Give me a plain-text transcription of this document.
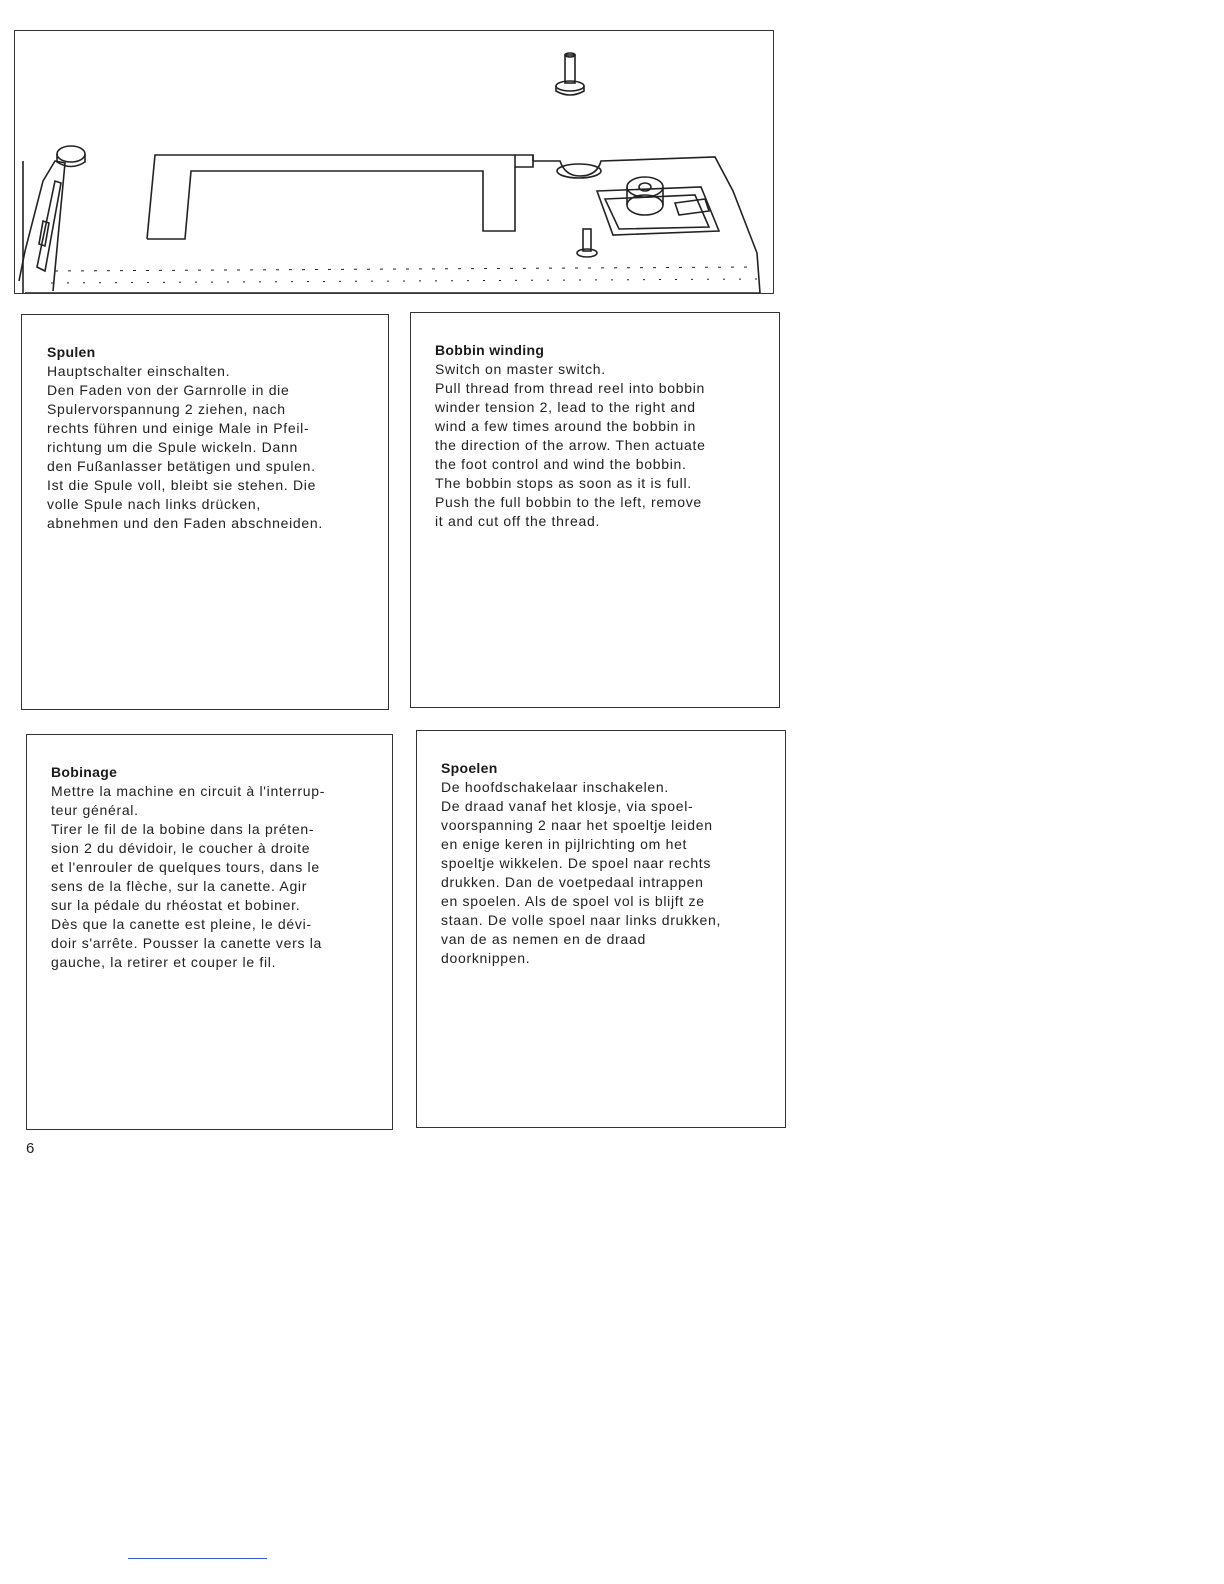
Spulen

Hauptschalter einschalten.
Den Faden von der Garnrolle in die
Spulervorspannung 2 ziehen, nach
rechts führen und einige Male in Pfeil-
richtung um die Spule wickeln. Dann
den Fußanlasser betätigen und spulen.
Ist die Spule voll, bleibt sie stehen. Die
volle Spule nach links drücken,
abnehmen und den Faden abschneiden.

Bobbin winding

Switch on master switch.
Pull thread from thread reel into bobbin
winder tension 2, lead to the right and
wind a few times around the bobbin in
the direction of the arrow. Then actuate
the foot control and wind the bobbin.
The bobbin stops as soon as it is full.
Push the full bobbin to the left, remove
it and cut off the thread.

Bobinage

Mettre la machine en circuit à l'interrup-
teur général.
Tirer le fil de la bobine dans la préten-
sion 2 du dévidoir, le coucher à droite
et l'enrouler de quelques tours, dans le
sens de la flèche, sur la canette. Agir
sur la pédale du rhéostat et bobiner.
Dès que la canette est pleine, le dévi-
doir s'arrête. Pousser la canette vers la
gauche, la retirer et couper le fil.

Spoelen

De hoofdschakelaar inschakelen.
De draad vanaf het klosje, via spoel-
voorspanning 2 naar het spoeltje leiden
en enige keren in pijlrichting om het
spoeltje wikkelen. De spoel naar rechts
drukken. Dan de voetpedaal intrappen
en spoelen. Als de spoel vol is blijft ze
staan. De volle spoel naar links drukken,
van de as nemen en de draad
doorknippen.

6
